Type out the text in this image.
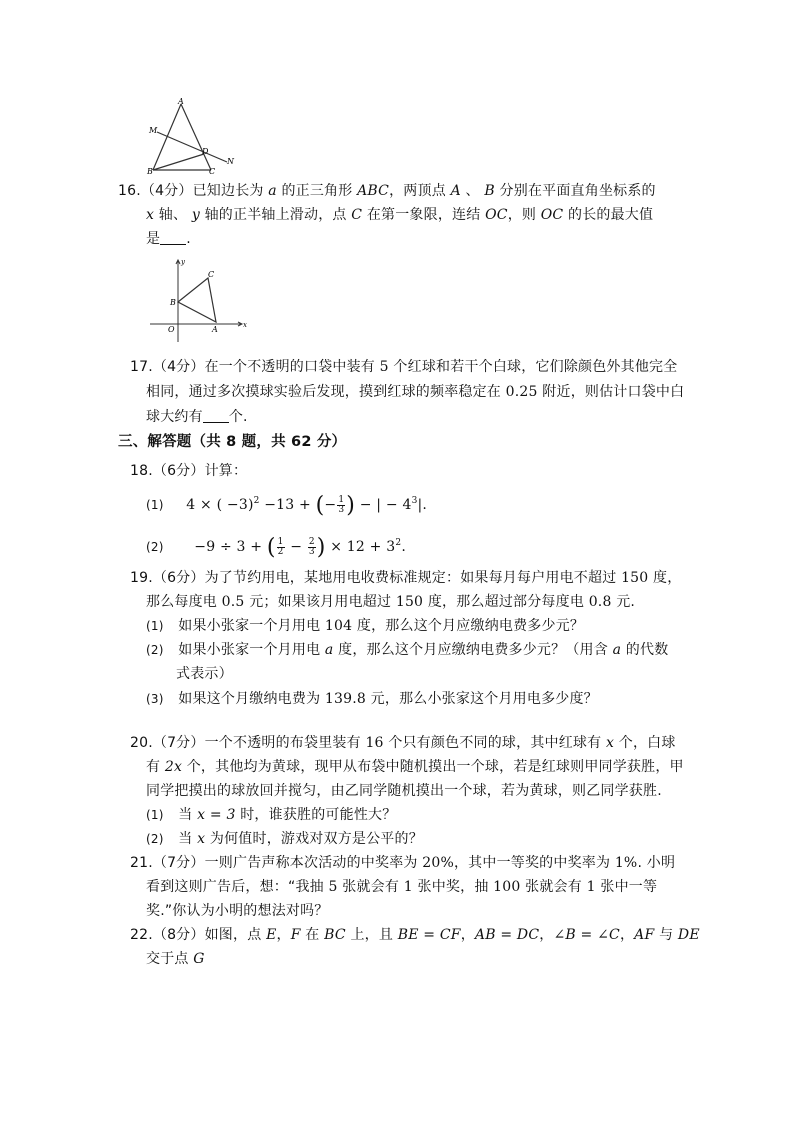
A
M
D
N
B	C
16.（4分）已知边长为 a 的正三角形 ABC，两顶点 A 、 B 分别在平面直角坐标系的
x 轴、 y 轴的正半轴上滑动，点 C 在第一象限，连结 OC，则 OC 的长的最大值
是 .
y
C
B
O	A	x
17.（4分）在一个不透明的口袋中装有 5 个红球和若干个白球，它们除颜色外其他完全
相同，通过多次摸球实验后发现，摸到红球的频率稳定在 0.25 附近，则估计口袋中白
球大约有 个.
三、解答题（共 8 题，共 62 分）
18.（6分）计算：
(1) 4 × ( −3)$^2$ −13 + (− $\frac{1}{3}$ ) − | − $4^3|$.
(2) −9 ÷ 3 + ( $\frac{1}{2} - \frac{2}{3}$ ) × $12 + 3^2$.
19.（6分）为了节约用电，某地用电收费标准规定：如果每月每户用电不超过 150 度，
那么每度电 0.5 元；如果该月用电超过 150 度，那么超过部分每度电 0.8 元.
(1) 如果小张家一个月用电 104 度，那么这个月应缴纳电费多少元？
(2) 如果小张家一个月用电 a 度，那么这个月应缴纳电费多少元？（用含 a 的代数
式表示）
(3) 如果这个月缴纳电费为 139.8 元，那么小张家这个月用电多少度？
20.（7分）一个不透明的布袋里装有 16 个只有颜色不同的球，其中红球有 x 个，白球
有 2x 个，其他均为黄球，现甲从布袋中随机摸出一个球，若是红球则甲同学获胜，甲
同学把摸出的球放回并搅匀，由乙同学随机摸出一个球，若为黄球，则乙同学获胜.
(1) 当 x = 3 时，谁获胜的可能性大？
(2) 当 x 为何值时，游戏对双方是公平的？
21.（7分）一则广告声称本次活动的中奖率为 20%，其中一等奖的中奖率为 1%. 小明
看到这则广告后，想：“我抽 5 张就会有 1 张中奖，抽 100 张就会有 1 张中一等
奖.”你认为小明的想法对吗？
22.（8分）如图，点 E，F 在 BC 上，且 BE = CF，AB = DC，∠B = ∠C，AF 与 DE
交于点 G
